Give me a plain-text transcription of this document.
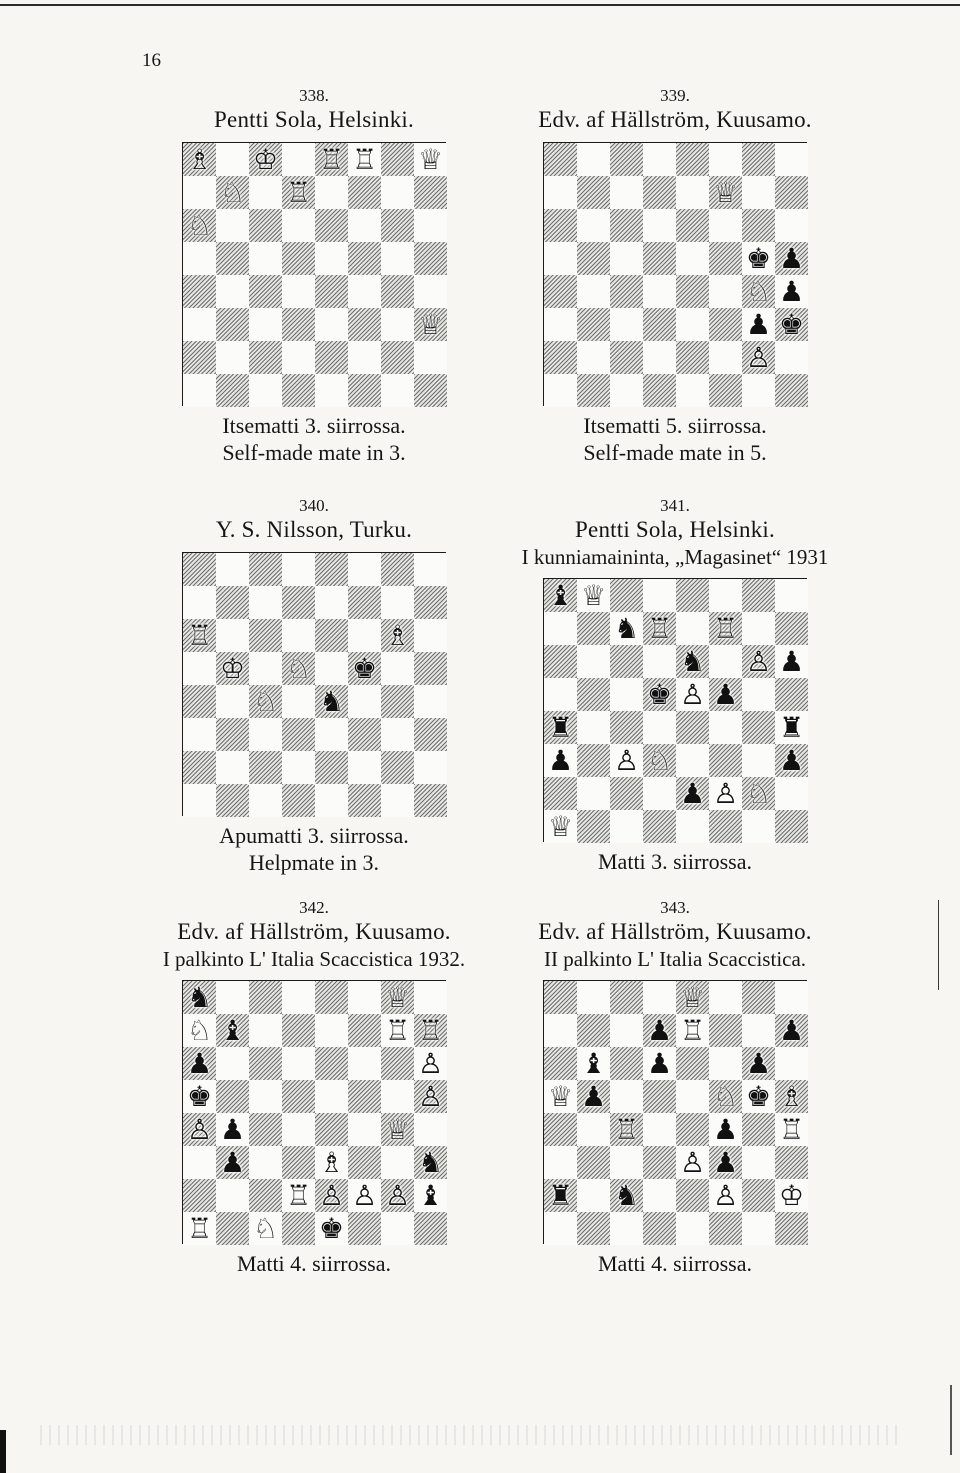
16
338.
Pentti Sola, Helsinki.
♗ ♔ ♖ ♖ ♕
♘ ♖
♘
♕
Itsematti 3. siirrossa.
Self-made mate in 3.
339.
Edv. af Hällström, Kuusamo.
♕
♚ ♟
♘ ♟
♟ ♚
♙
Itsematti 5. siirrossa.
Self-made mate in 5.
340.
Y. S. Nilsson, Turku.
♖	♗
♔ ♘ ♚
♘ ♞
Apumatti 3. siirrossa.
Helpmate in 3.
341.
Pentti Sola, Helsinki.
I kunniamaininta, „Magasinet“ 1931
♝ ♕
♞ ♖ ♖
♞ ♙ ♟
♚ ♙ ♟
♜	♜
♟ ♙ ♘	♟
♟ ♙ ♘
♕
Matti 3. siirrossa.
342.
Edv. af Hällström, Kuusamo.
I palkinto L' Italia Scaccistica 1932.
♞	♕
♘ ♝	♖ ♖
♟	♙
♚	♙
♙ ♟	♕
♟	♗	♞
♖ ♙ ♙ ♙ ♝
♖ ♘ ♚
Matti 4. siirrossa.
343.
Edv. af Hällström, Kuusamo.
II palkinto L' Italia Scaccistica.
♕
♟ ♖	♟
♝ ♟	♟
♕ ♟	♘ ♚ ♗
♖	♟ ♖
♙ ♟
♜ ♞	♙ ♔
Matti 4. siirrossa.
